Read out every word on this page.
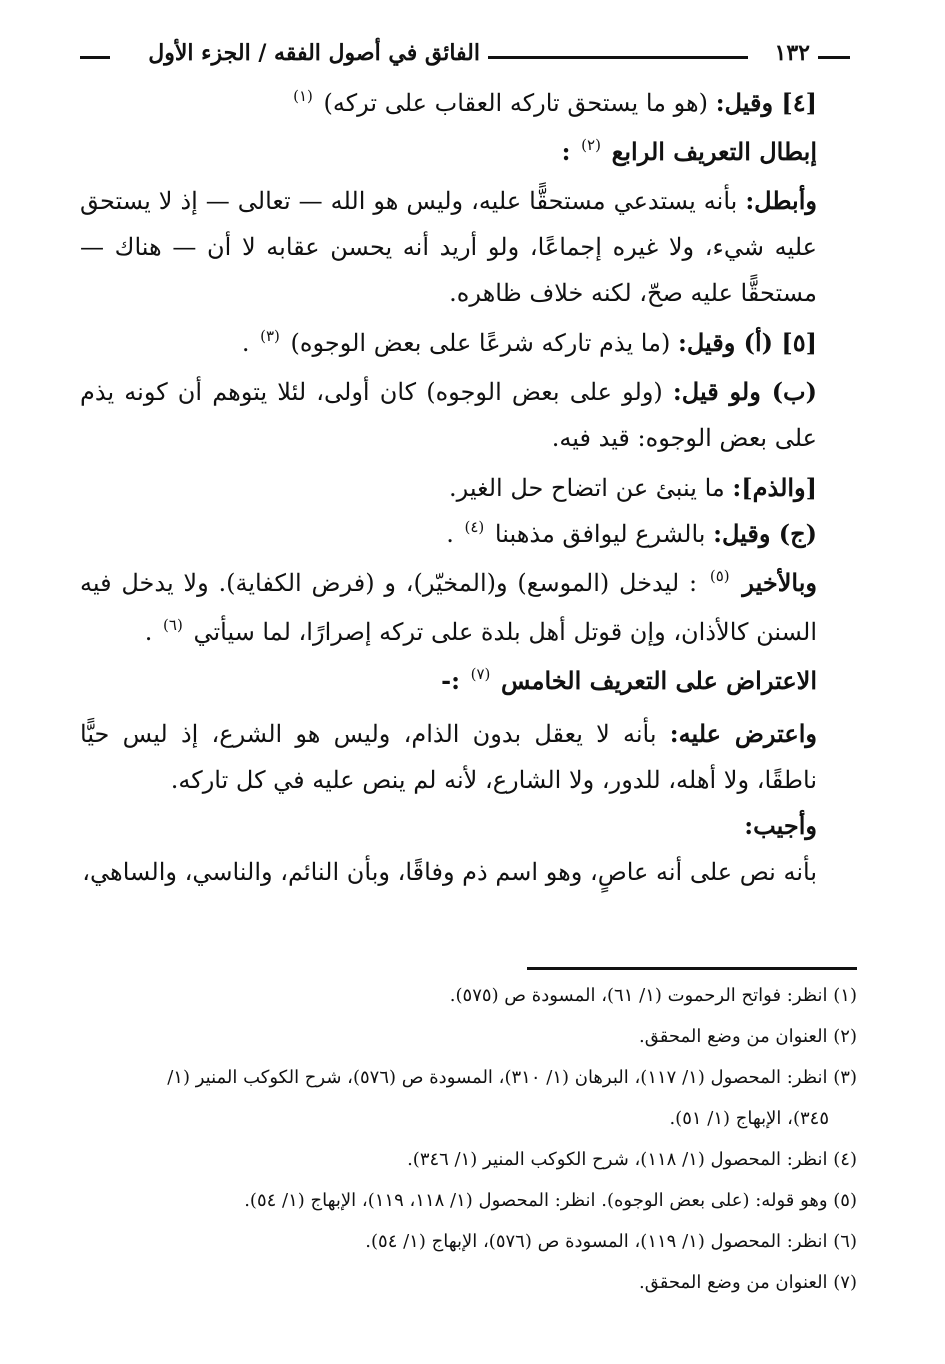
١٣٢
الفائق في أصول الفقه / الجزء الأول

[٤] وقيل: (هو ما يستحق تاركه العقاب على تركه) $^{(١)}$

إبطال التعريف الرابع $^{(٢)}$ :

وأبطل: بأنه يستدعي مستحقًّا عليه، وليس هو الله — تعالى — إذ لا يستحق عليه شيء، ولا غيره إجماعًا، ولو أريد أنه يحسن عقابه لا أن — هناك — مستحقًّا عليه صحّ، لكنه خلاف ظاهره.

[٥] (أ) وقيل: (ما يذم تاركه شرعًا على بعض الوجوه) $^{(٣)}$ .

(ب) ولو قيل: (ولو على بعض الوجوه) كان أولى، لئلا يتوهم أن كونه يذم على بعض الوجوه: قيد فيه.

[والذم]: ما ينبئ عن اتضاح حل الغير.

(ج) وقيل: بالشرع ليوافق مذهبنا $^{(٤)}$ .

وبالأخير $^{(٥)}$ : ليدخل (الموسع) و(المخيّر)، و (فرض الكفاية). ولا يدخل فيه السنن كالأذان، وإن قوتل أهل بلدة على تركه إصرارًا، لما سيأتي $^{(٦)}$ .

الاعتراض على التعريف الخامس $^{(٧)}$ :-

واعترض عليه: بأنه لا يعقل بدون الذام، وليس هو الشرع، إذ ليس حيًّا ناطقًا، ولا أهله، للدور، ولا الشارع، لأنه لم ينص عليه في كل تاركه.

وأجيب:

بأنه نص على أنه عاصٍ، وهو اسم ذم وفاقًا، وبأن النائم، والناسي، والساهي،

(١) انظر: فواتح الرحموت (١/ ٦١)، المسودة ص (٥٧٥).

(٢) العنوان من وضع المحقق.

(٣) انظر: المحصول (١/ ١١٧)، البرهان (١/ ٣١٠)، المسودة ص (٥٧٦)، شرح الكوكب المنير (١/

٣٤٥)، الإبهاج (١/ ٥١).

(٤) انظر: المحصول (١/ ١١٨)، شرح الكوكب المنير (١/ ٣٤٦).

(٥) وهو قوله: (على بعض الوجوه). انظر: المحصول (١/ ١١٨، ١١٩)، الإبهاج (١/ ٥٤).

(٦) انظر: المحصول (١/ ١١٩)، المسودة ص (٥٧٦)، الإبهاج (١/ ٥٤).

(٧) العنوان من وضع المحقق.
